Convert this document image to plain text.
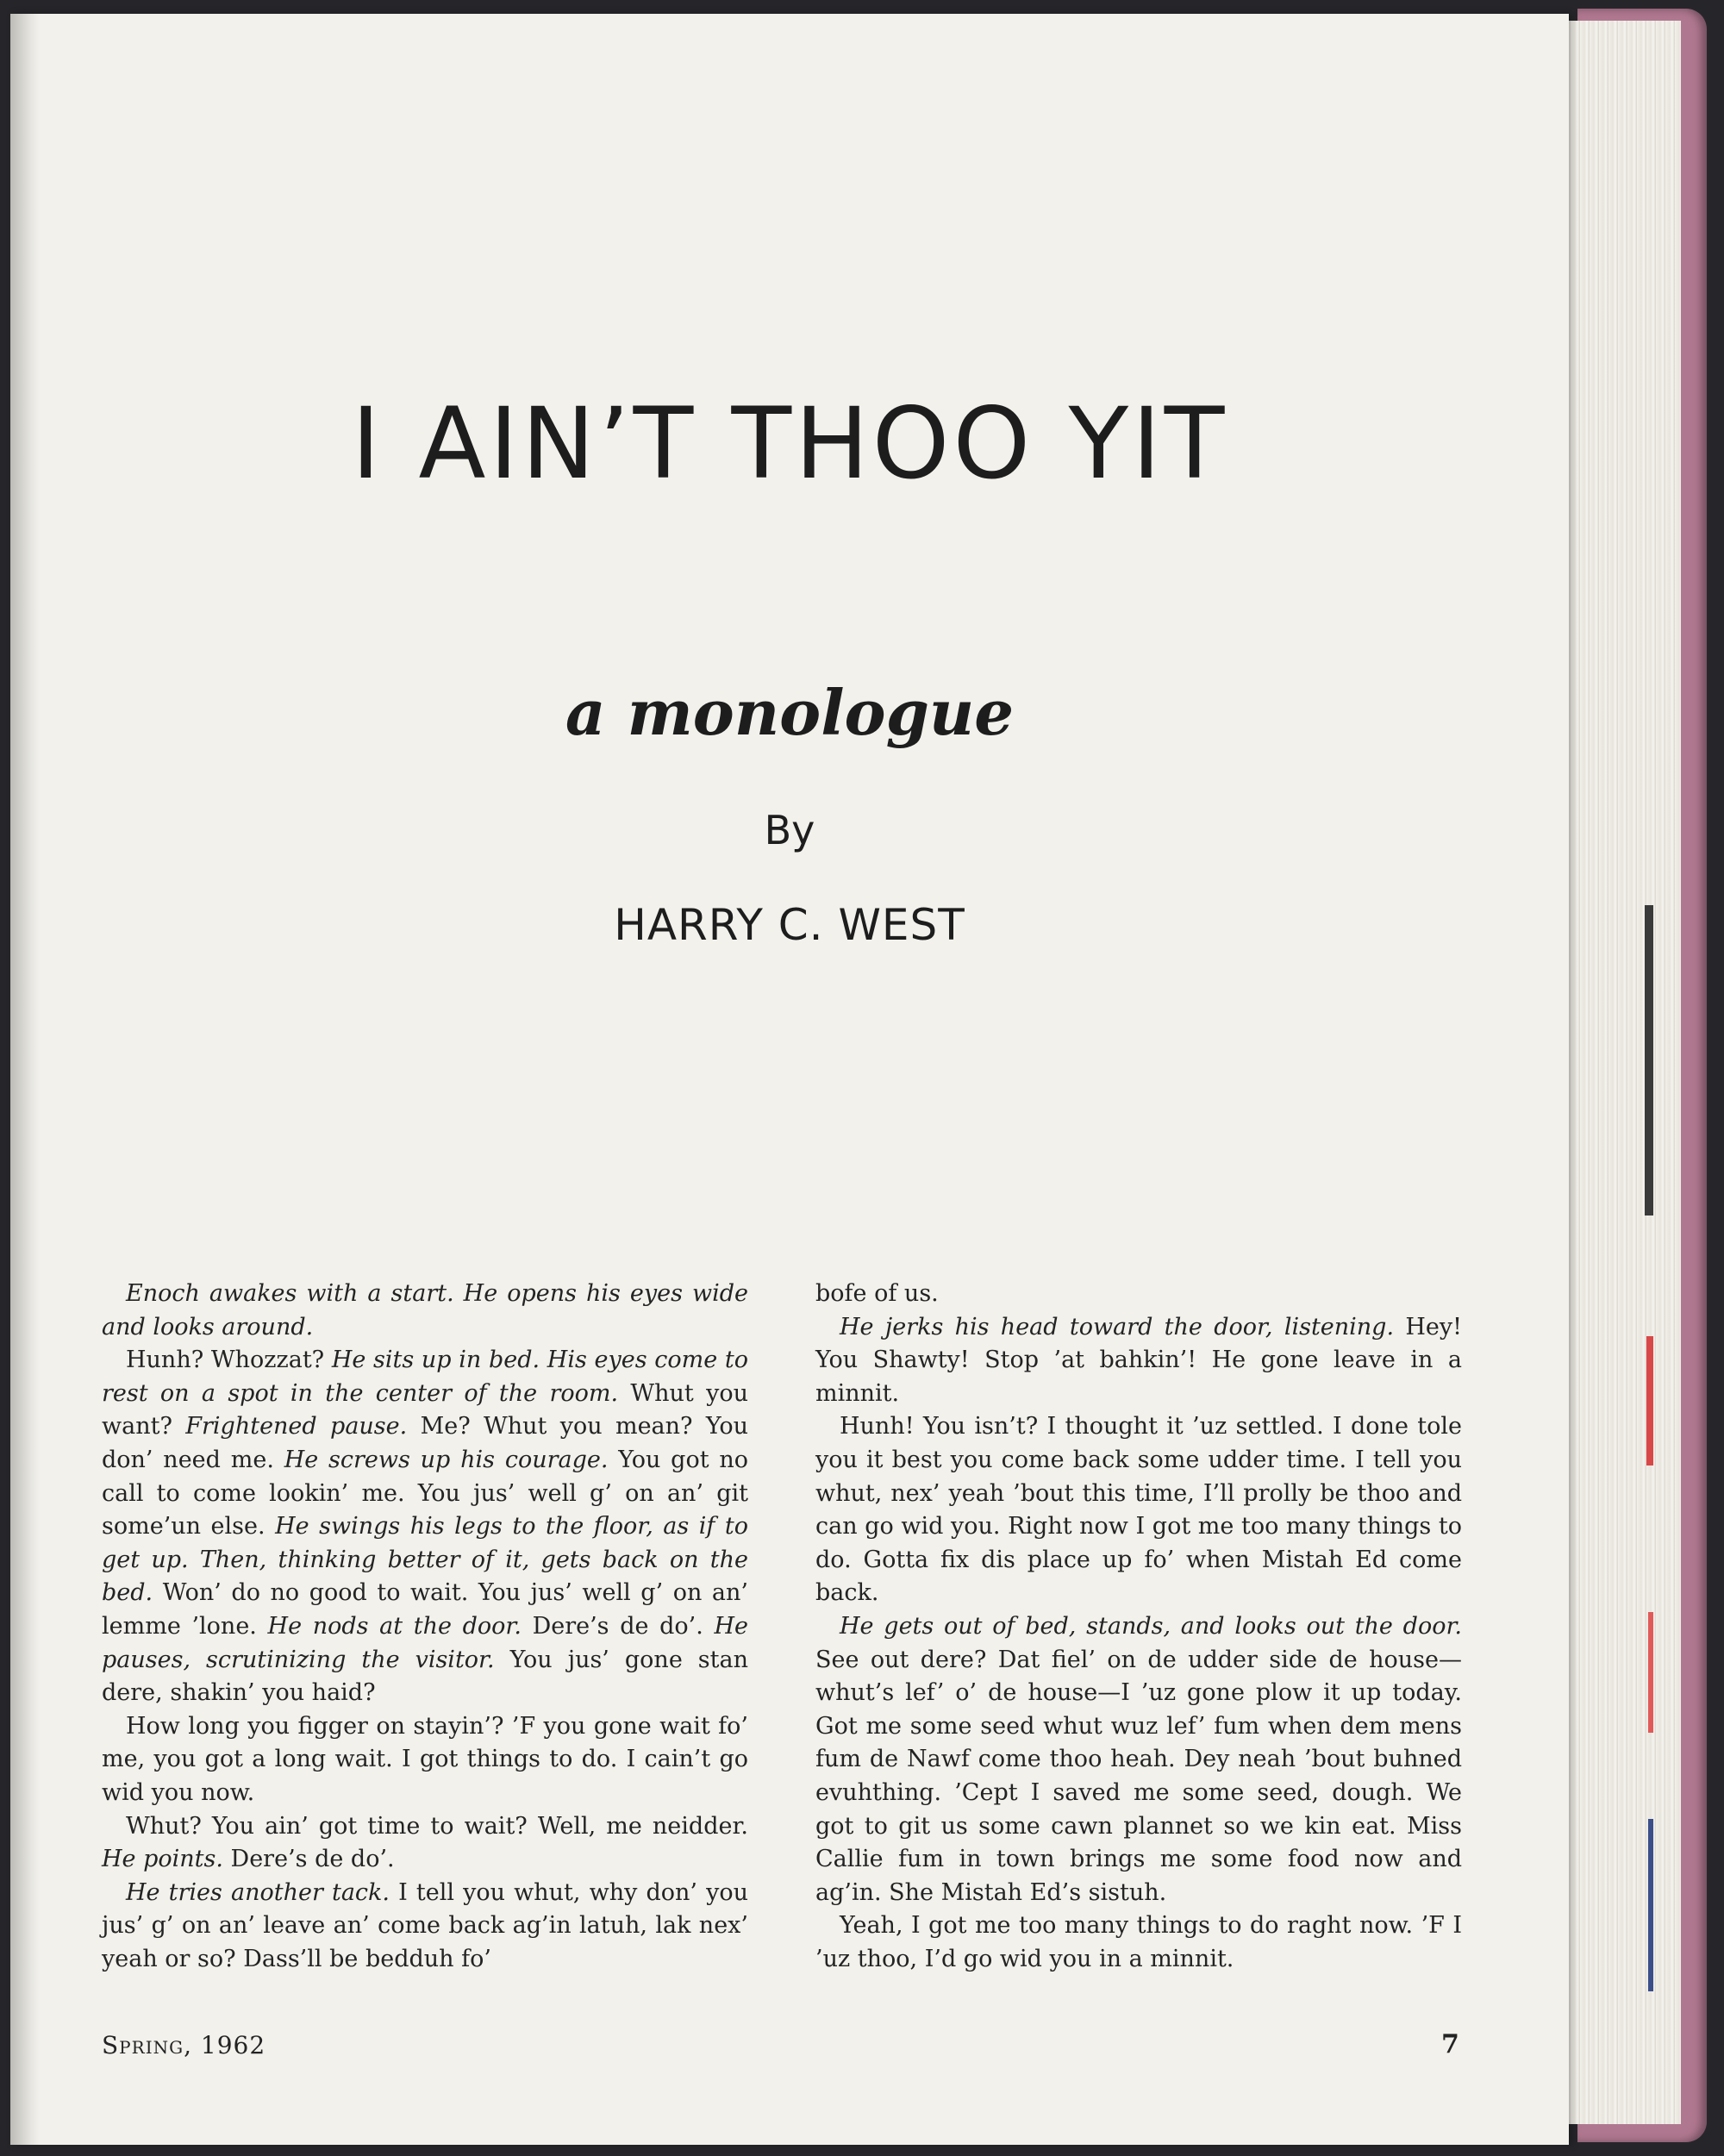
I AIN’T THOO YIT
a monologue
By
HARRY C. WEST

Enoch awakes with a start. He opens his eyes wide and looks around.

Hunh? Whozzat? He sits up in bed. His eyes come to rest on a spot in the center of the room. Whut you want? Frightened pause. Me? Whut you mean? You don’ need me. He screws up his courage. You got no call to come lookin’ me. You jus’ well g’ on an’ git some’un else. He swings his legs to the floor, as if to get up. Then, thinking better of it, gets back on the bed. Won’ do no good to wait. You jus’ well g’ on an’ lemme ’lone. He nods at the door. Dere’s de do’. He pauses, scrutinizing the visitor. You jus’ gone stan dere, shakin’ you haid?

How long you figger on stayin’? ’F you gone wait fo’ me, you got a long wait. I got things to do. I cain’t go wid you now.

Whut? You ain’ got time to wait? Well, me neidder. He points. Dere’s de do’.

He tries another tack. I tell you whut, why don’ you jus’ g’ on an’ leave an’ come back ag’in latuh, lak nex’ yeah or so? Dass’ll be bedduh fo’

bofe of us.

He jerks his head toward the door, listening. Hey! You Shawty! Stop ’at bahkin’! He gone leave in a minnit.

Hunh! You isn’t? I thought it ’uz settled. I done tole you it best you come back some udder time. I tell you whut, nex’ yeah ’bout this time, I’ll prolly be thoo and can go wid you. Right now I got me too many things to do. Gotta fix dis place up fo’ when Mistah Ed come back.

He gets out of bed, stands, and looks out the door. See out dere? Dat fiel’ on de udder side de house—whut’s lef’ o’ de house—I ’uz gone plow it up today. Got me some seed whut wuz lef’ fum when dem mens fum de Nawf come thoo heah. Dey neah ’bout buhned evuhthing. ’Cept I saved me some seed, dough. We got to git us some cawn plannet so we kin eat. Miss Callie fum in town brings me some food now and ag’in. She Mistah Ed’s sistuh.

Yeah, I got me too many things to do raght now. ’F I ’uz thoo, I’d go wid you in a minnit.

Spring, 1962	7
